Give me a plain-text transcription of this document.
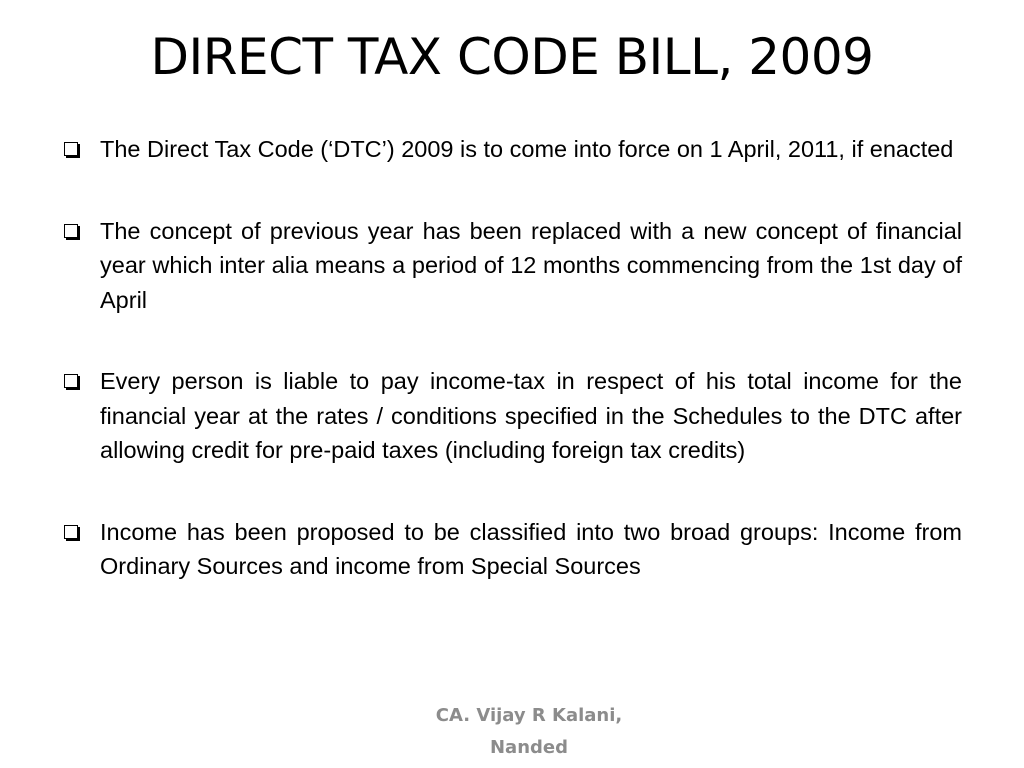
DIRECT TAX CODE BILL, 2009
The Direct Tax Code (‘DTC’) 2009 is to come into force on 1 April, 2011, if enacted
The concept of previous year has been replaced with a new concept of financial year which inter alia means a period of 12 months commencing from the 1st day of April
Every person is liable to pay income-tax in respect of his total income for the financial year at the rates / conditions specified in the Schedules to the DTC after allowing credit for pre-paid taxes (including foreign tax credits)
Income has been proposed to be classified into two broad groups: Income from Ordinary Sources and income from Special Sources
CA. Vijay R Kalani,
Nanded
